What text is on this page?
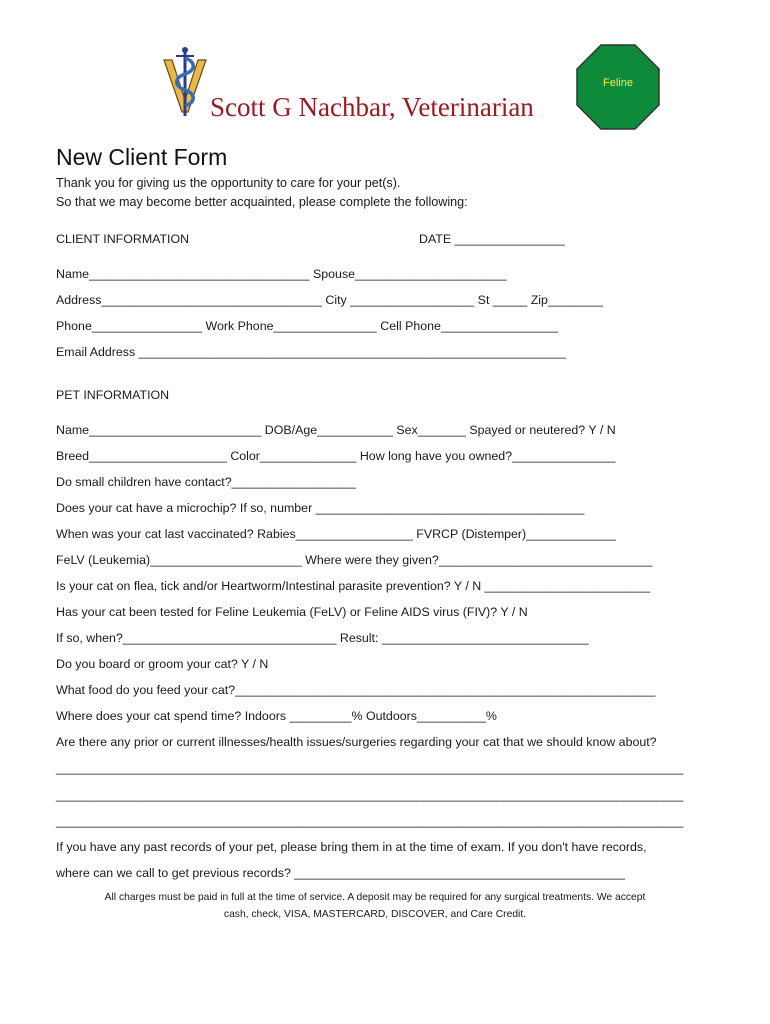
Scott G Nachbar, Veterinarian
Feline
New Client Form
Thank you for giving us the opportunity to care for your pet(s).
So that we may become better acquainted, please complete the following:
CLIENT INFORMATION	DATE ________________
Name________________________________ Spouse______________________
Address________________________________ City __________________ St _____ Zip________
Phone________________ Work Phone_______________ Cell Phone_________________
Email Address ______________________________________________________________
PET INFORMATION
Name_________________________ DOB/Age___________ Sex_______ Spayed or neutered? Y / N
Breed____________________ Color______________ How long have you owned?_______________
Do small children have contact?__________________
Does your cat have a microchip? If so, number _______________________________________
When was your cat last vaccinated? Rabies_________________ FVRCP (Distemper)_____________
FeLV (Leukemia)______________________ Where were they given?_______________________________
Is your cat on flea, tick and/or Heartworm/Intestinal parasite prevention? Y / N ________________________
Has your cat been tested for Feline Leukemia (FeLV) or Feline AIDS virus (FIV)? Y / N
If so, when?_______________________________ Result: ______________________________
Do you board or groom your cat? Y / N
What food do you feed your cat?_____________________________________________________________
Where does your cat spend time? Indoors _________% Outdoors__________%
Are there any prior or current illnesses/health issues/surgeries regarding your cat that we should know about?
______________________________________________________________________________________________
______________________________________________________________________________________________
______________________________________________________________________________________________
If you have any past records of your pet, please bring them in at the time of exam. If you don't have records,
where can we call to get previous records? ________________________________________________
All charges must be paid in full at the time of service. A deposit may be required for any surgical treatments. We accept
cash, check, VISA, MASTERCARD, DISCOVER, and Care Credit.
